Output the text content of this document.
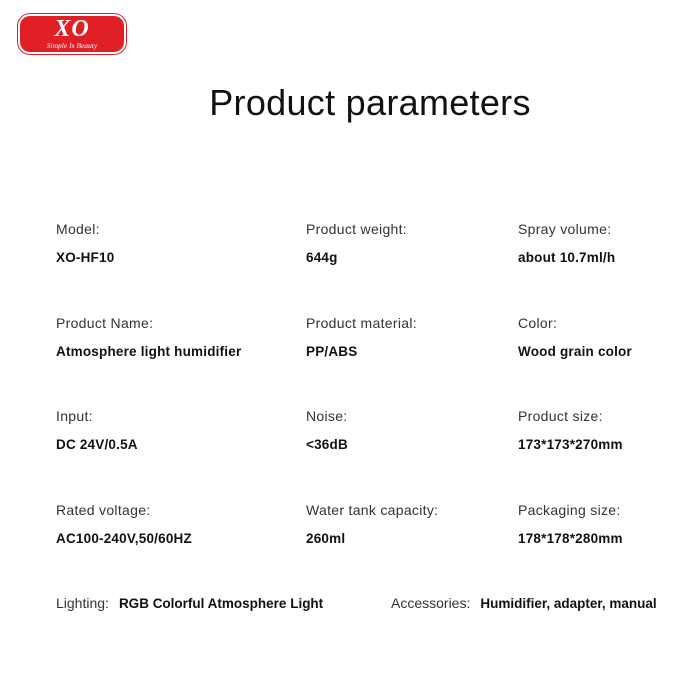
XO
Simple Is Beauty
Product parameters
Model:
XO-HF10
Product weight:
644g
Spray volume:
about 10.7ml/h
Product Name:
Atmosphere light humidifier
Product material:
PP/ABS
Color:
Wood grain color
Input:
DC 24V/0.5A
Noise:
<36dB
Product size:
173*173*270mm
Rated voltage:
AC100-240V,50/60HZ
Water tank capacity:
260ml
Packaging size:
178*178*280mm
Lighting: RGB Colorful Atmosphere Light	Accessories: Humidifier, adapter, manual
